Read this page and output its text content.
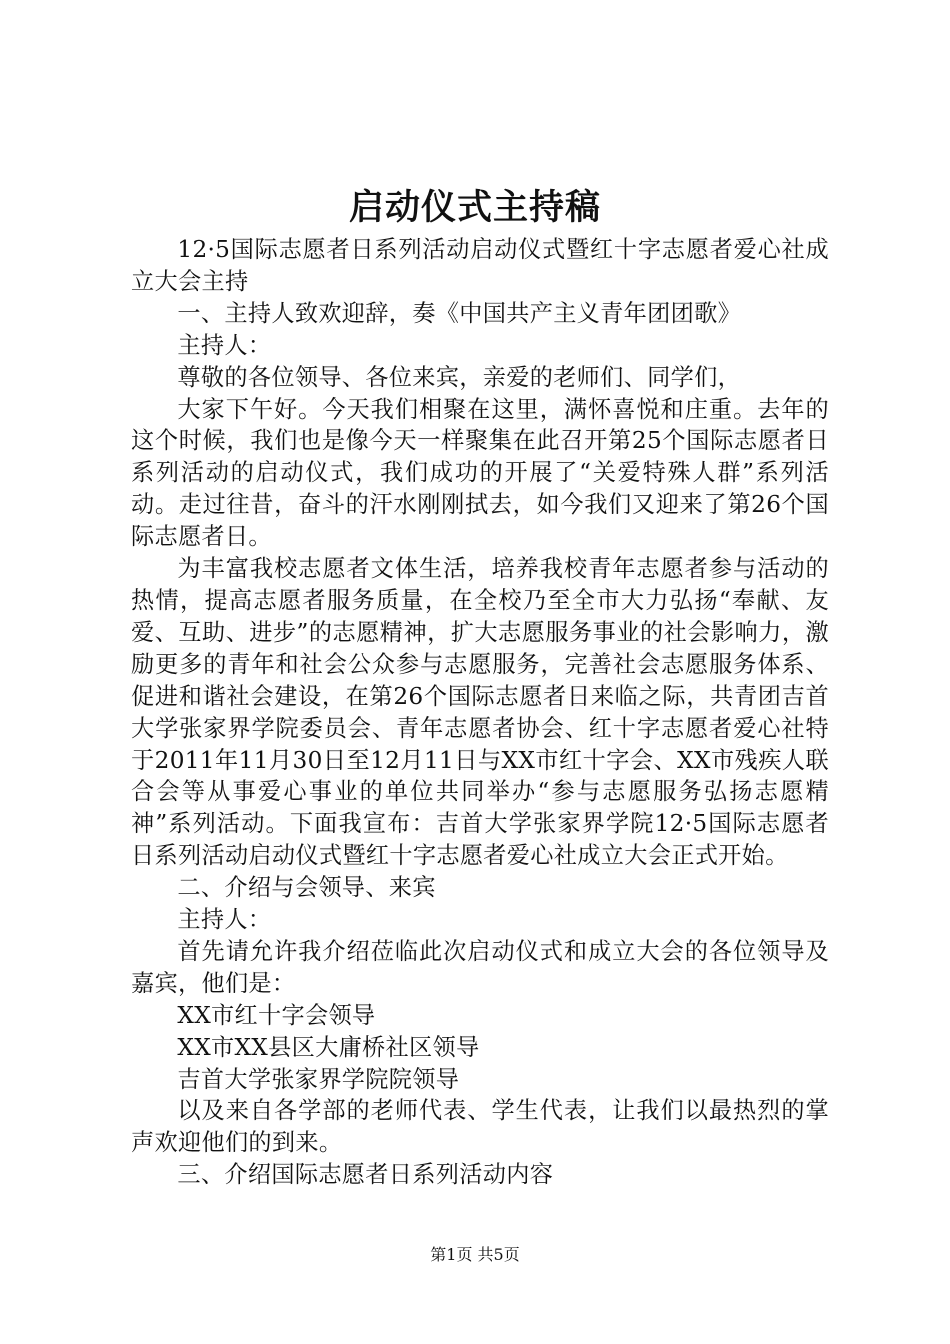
启动仪式主持稿

12·5国际志愿者日系列活动启动仪式暨红十字志愿者爱心社成立大会主持

一、主持人致欢迎辞，奏《中国共产主义青年团团歌》

主持人：

尊敬的各位领导、各位来宾，亲爱的老师们、同学们，

大家下午好。今天我们相聚在这里，满怀喜悦和庄重。去年的这个时候，我们也是像今天一样聚集在此召开第25个国际志愿者日系列活动的启动仪式，我们成功的开展了“关爱特殊人群”系列活动。走过往昔，奋斗的汗水刚刚拭去，如今我们又迎来了第26个国际志愿者日。

为丰富我校志愿者文体生活，培养我校青年志愿者参与活动的热情，提高志愿者服务质量，在全校乃至全市大力弘扬“奉献、友爱、互助、进步”的志愿精神，扩大志愿服务事业的社会影响力，激励更多的青年和社会公众参与志愿服务，完善社会志愿服务体系、促进和谐社会建设，在第26个国际志愿者日来临之际，共青团吉首大学张家界学院委员会、青年志愿者协会、红十字志愿者爱心社特于2011年11月30日至12月11日与XX市红十字会、XX市残疾人联合会等从事爱心事业的单位共同举办“参与志愿服务弘扬志愿精神”系列活动。下面我宣布：吉首大学张家界学院12·5国际志愿者日系列活动启动仪式暨红十字志愿者爱心社成立大会正式开始。

二、介绍与会领导、来宾

主持人：

首先请允许我介绍莅临此次启动仪式和成立大会的各位领导及嘉宾，他们是：

XX市红十字会领导

XX市XX县区大庸桥社区领导

吉首大学张家界学院院领导

以及来自各学部的老师代表、学生代表，让我们以最热烈的掌声欢迎他们的到来。

三、介绍国际志愿者日系列活动内容

第1页 共5页
